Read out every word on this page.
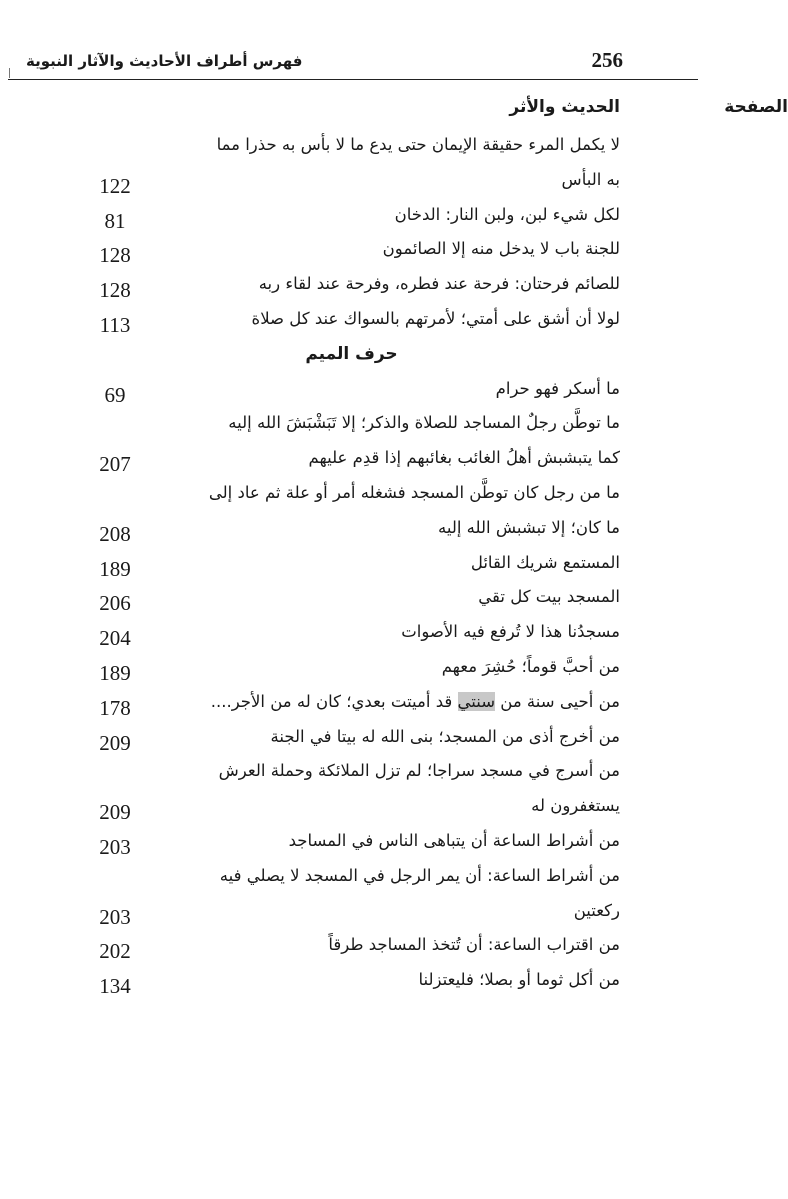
فهرس أطراف الأحاديث والآثار النبوية	256
الحديث والأثر	الصفحة
لا يكمل المرء حقيقة الإيمان حتى يدع ما لا بأس به حذرا مما
به البأس
122
لكل شيء لبن، ولبن النار: الدخان
81
للجنة باب لا يدخل منه إلا الصائمون
128
للصائم فرحتان: فرحة عند فطره، وفرحة عند لقاء ربه
128
لولا أن أشق على أمتي؛ لأمرتهم بالسواك عند كل صلاة
113
حرف الميم
ما أسكر فهو حرام
69
ما توطَّن رجلٌ المساجد للصلاة والذكر؛ إلا تَبَشْبَشَ الله إليه
كما يتبشبش أهلُ الغائب بغائبهم إذا قدِم عليهم
207
ما من رجل كان توطَّن المسجد فشغله أمر أو علة ثم عاد إلى
ما كان؛ إلا تبشبش الله إليه
208
المستمع شريك القائل
189
المسجد بيت كل تقي
206
مسجدُنا هذا لا تُرفع فيه الأصوات
204
من أحبَّ قوماً؛ حُشِرَ معهم
189
من أحيى سنة من سنتي قد أميتت بعدي؛ كان له من الأجر....
178
من أخرج أذى من المسجد؛ بنى الله له بيتا في الجنة
209
من أسرج في مسجد سراجا؛ لم تزل الملائكة وحملة العرش
يستغفرون له
209
من أشراط الساعة أن يتباهى الناس في المساجد
203
من أشراط الساعة: أن يمر الرجل في المسجد لا يصلي فيه
ركعتين
203
من اقتراب الساعة: أن تُتخذ المساجد طرقاً
202
من أكل ثوما أو بصلا؛ فليعتزلنا
134
